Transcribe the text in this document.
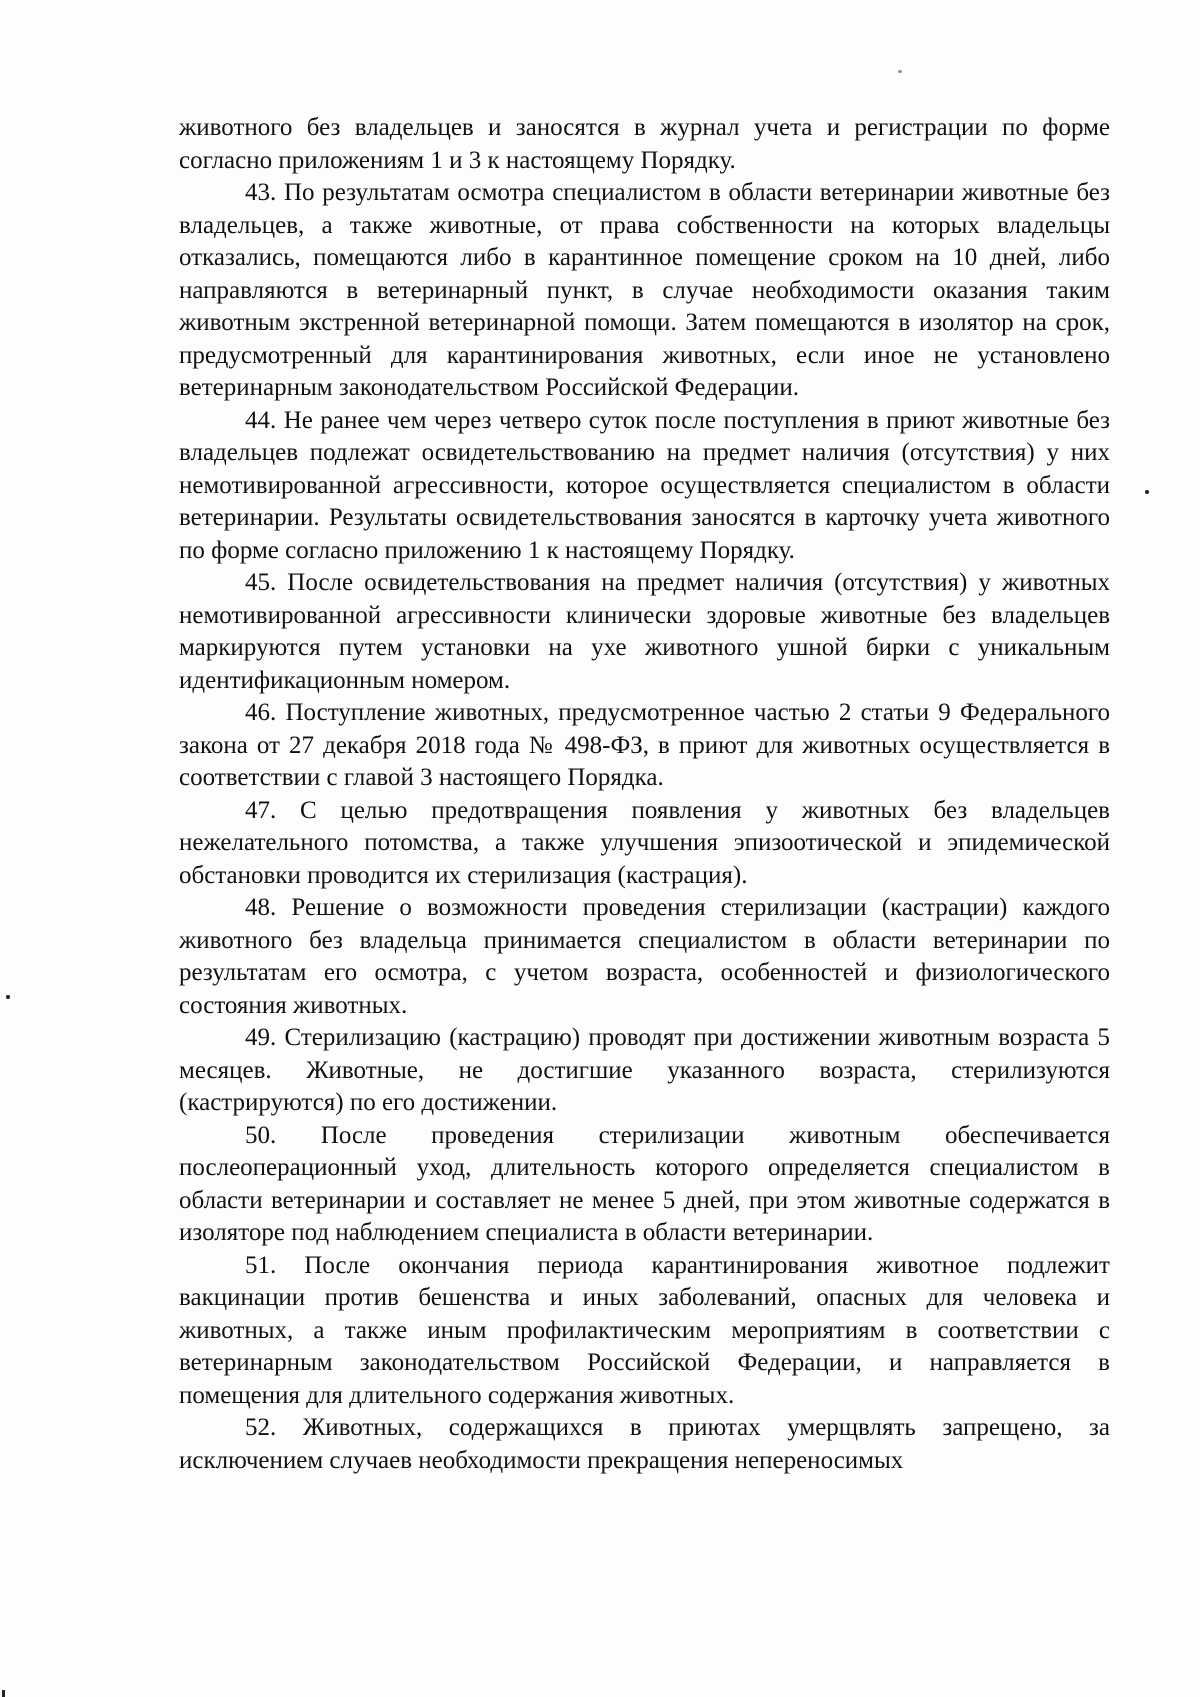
животного без владельцев и заносятся в журнал учета и регистрации по форме согласно приложениям 1 и 3 к настоящему Порядку.

43. По результатам осмотра специалистом в области ветеринарии животные без владельцев, а также животные, от права собственности на которых владельцы отказались, помещаются либо в карантинное помещение сроком на 10 дней, либо направляются в ветеринарный пункт, в случае необходимости оказания таким животным экстренной ветеринарной помощи. Затем помещаются в изолятор на срок, предусмотренный для карантинирования животных, если иное не установлено ветеринарным законодательством Российской Федерации.

44. Не ранее чем через четверо суток после поступления в приют животные без владельцев подлежат освидетельствованию на предмет наличия (отсутствия) у них немотивированной агрессивности, которое осуществляется специалистом в области ветеринарии. Результаты освидетельствования заносятся в карточку учета животного по форме согласно приложению 1 к настоящему Порядку.

45. После освидетельствования на предмет наличия (отсутствия) у животных немотивированной агрессивности клинически здоровые животные без владельцев маркируются путем установки на ухе животного ушной бирки с уникальным идентификационным номером.

46. Поступление животных, предусмотренное частью 2 статьи 9 Федерального закона от 27 декабря 2018 года № 498-ФЗ, в приют для животных осуществляется в соответствии с главой 3 настоящего Порядка.

47. С целью предотвращения появления у животных без владельцев нежелательного потомства, а также улучшения эпизоотической и эпидемической обстановки проводится их стерилизация (кастрация).

48. Решение о возможности проведения стерилизации (кастрации) каждого животного без владельца принимается специалистом в области ветеринарии по результатам его осмотра, с учетом возраста, особенностей и физиологического состояния животных.

49. Стерилизацию (кастрацию) проводят при достижении животным возраста 5 месяцев. Животные, не достигшие указанного возраста, стерилизуются (кастрируются) по его достижении.

50. После проведения стерилизации животным обеспечивается послеоперационный уход, длительность которого определяется специалистом в области ветеринарии и составляет не менее 5 дней, при этом животные содержатся в изоляторе под наблюдением специалиста в области ветеринарии.

51. После окончания периода карантинирования животное подлежит вакцинации против бешенства и иных заболеваний, опасных для человека и животных, а также иным профилактическим мероприятиям в соответствии с ветеринарным законодательством Российской Федерации, и направляется в помещения для длительного содержания животных.

52. Животных, содержащихся в приютах умерщвлять запрещено, за исключением случаев необходимости прекращения непереносимых
